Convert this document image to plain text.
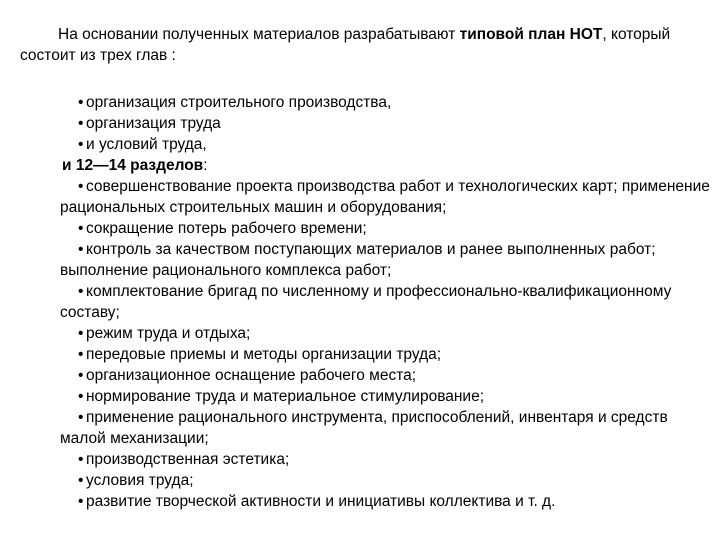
На основании полученных материалов разрабатывают типовой план НОТ, который состоит из трех глав :

• организация строительного производства,

• организация труда

• и условий труда,

и 12—14 разделов:

• совершенствование проекта производства работ и технологических карт; применение рациональных строительных машин и оборудования;

• сокращение потерь рабочего времени;

• контроль за качеством поступающих материалов и ранее выполненных работ; выполнение рационального комплекса работ;

• комплектование бригад по численному и профессионально-квалификационному составу;

• режим труда и отдыха;

• передовые приемы и методы организации труда;

• организационное оснащение рабочего места;

• нормирование труда и материальное стимулирование;

• применение рационального инструмента, приспособлений, инвентаря и средств малой механизации;

• производственная эстетика;

• условия труда;

• развитие творческой активности и инициативы коллектива и т. д.
